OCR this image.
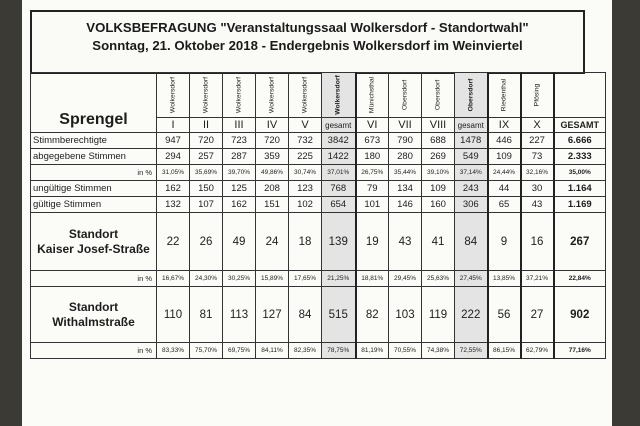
VOLKSBEFRAGUNG "Veranstaltungssaal Wolkersdorf - Standortwahl"
Sonntag, 21. Oktober 2018 - Endergebnis Wolkersdorf im Weinviertel
Sprengel	Wolkersdorf	Wolkersdorf	Wolkersdorf	Wolkersdorf	Wolkersdorf	Wolkersdorf	Münichsthal	Obersdorf	Obersdorf	Obersdorf	Riedenthal	Pfösing	

	I	II	III	IV	V	gesamt	VI	VII	VIII	gesamt	IX	X	GESAMT
Stimmberechtigte	947	720	723	720	732	3842	673	790	688	1478	446	227	6.666
abgegebene Stimmen	294	257	287	359	225	1422	180	280	269	549	109	73	2.333
in %	31,05%	35,69%	39,70%	49,86%	30,74%	37,01%	26,75%	35,44%	39,10%	37,14%	24,44%	32,16%	35,00%
ungültige Stimmen	162	150	125	208	123	768	79	134	109	243	44	30	1.164
gültige Stimmen	132	107	162	151	102	654	101	146	160	306	65	43	1.169

Standort
Kaiser Josef-Straße	22	26	49	24	18	139	19	43	41	84	9	16	267
in %	16,67%	24,30%	30,25%	15,89%	17,65%	21,25%	18,81%	29,45%	25,63%	27,45%	13,85%	37,21%	22,84%

Standort
Withalmstraße	110	81	113	127	84	515	82	103	119	222	56	27	902
in %	83,33%	75,70%	69,75%	84,11%	82,35%	78,75%	81,19%	70,55%	74,38%	72,55%	86,15%	62,79%	77,16%
